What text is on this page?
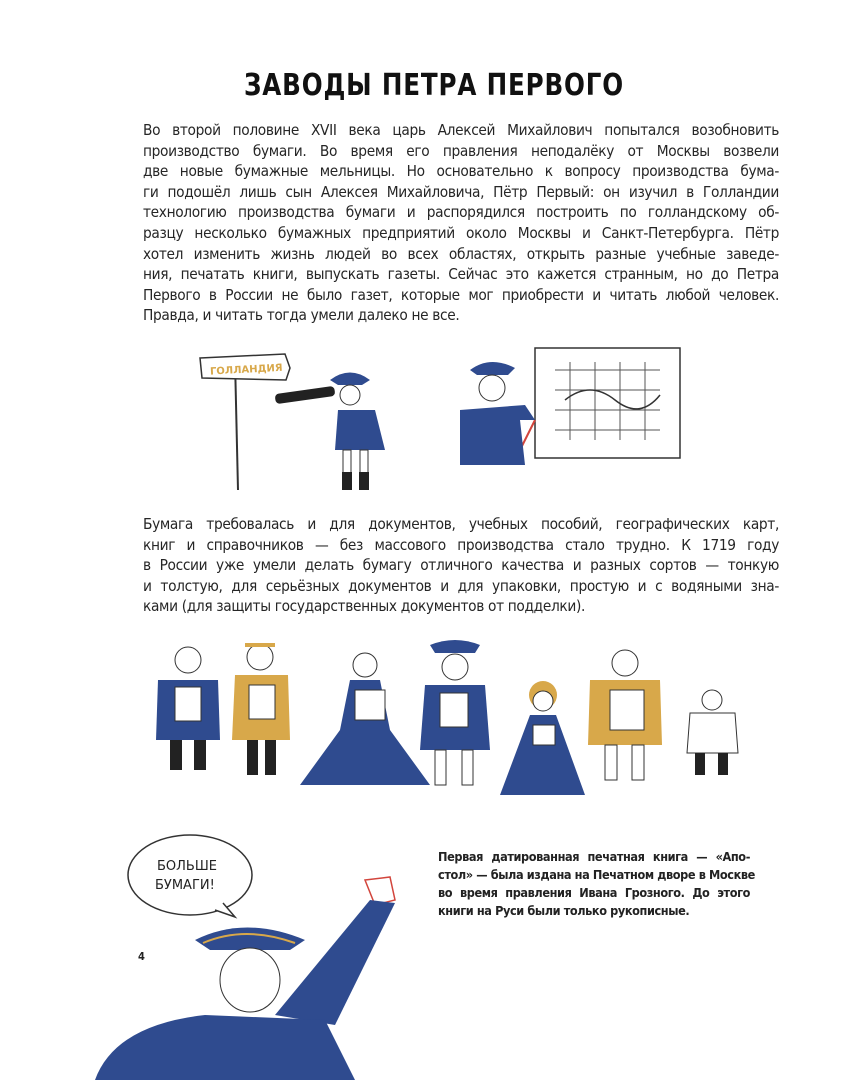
ЗАВОДЫ ПЕТРА ПЕРВОГО
Во второй половине XVII века царь Алексей Михайлович попытался возобновить
производство бумаги. Во время его правления неподалёку от Москвы возвели
две новые бумажные мельницы. Но основательно к вопросу производства бума-
ги подошёл лишь сын Алексея Михайловича, Пётр Первый: он изучил в Голландии
технологию производства бумаги и распорядился построить по голландскому об-
разцу несколько бумажных предприятий около Москвы и Санкт-Петербурга. Пётр
хотел изменить жизнь людей во всех областях, открыть разные учебные заведе-
ния, печатать книги, выпускать газеты. Сейчас это кажется странным, но до Петра
Первого в России не было газет, которые мог приобрести и читать любой человек.
Правда, и читать тогда умели далеко не все.
ГОЛЛАНДИЯ
Бумага требовалась и для документов, учебных пособий, географических карт,
книг и справочников — без массового производства стало трудно. К 1719 году
в России уже умели делать бумагу отличного качества и разных сортов — тонкую
и толстую, для серьёзных документов и для упаковки, простую и с водяными зна-
ками (для защиты государственных документов от подделки).
БОЛЬШЕ
БУМАГИ!
Первая датированная печатная книга — «Апо-
стол» — была издана на Печатном дворе в Москве
во время правления Ивана Грозного. До этого
книги на Руси были только рукописные.
4
